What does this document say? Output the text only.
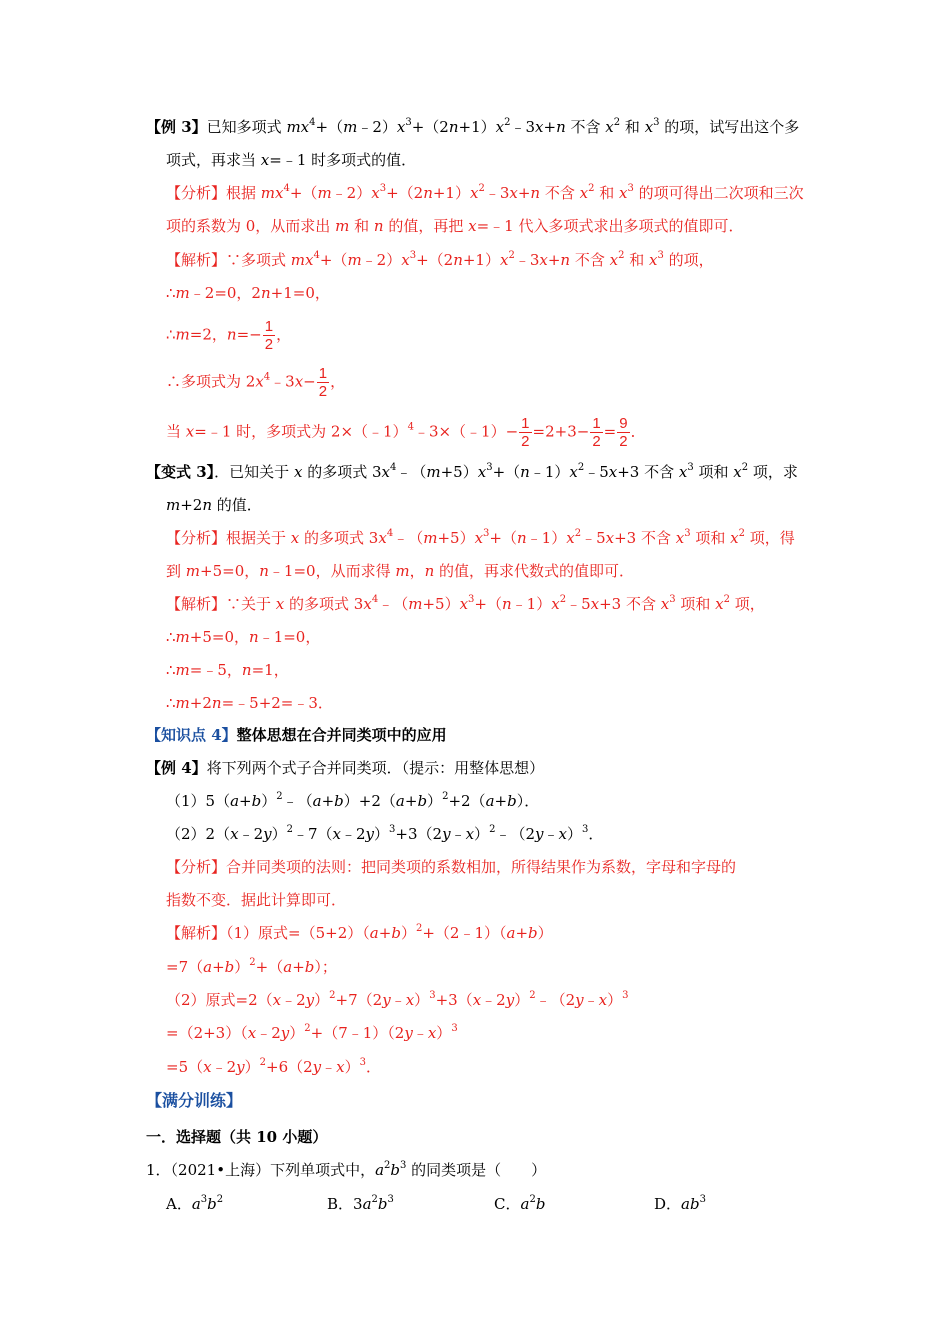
【例 3】已知多项式 $mx^4+(m﹣2)x^3+(2n+1)x^2﹣3x+n$ 不含 $x^2$ 和 $x^3$ 的项，试写出这个多
项式，再求当 x=﹣1 时多项式的值．
【分析】根据 $mx^4+(m﹣2)x^3+(2n+1)x^2﹣3x+n$ 不含 $x^2$ 和 $x^3$ 的项可得出二次项和三次
项的系数为 0，从而求出 m 和 n 的值，再把 x=﹣1 代入多项式求出多项式的值即可．
【解析】∵多项式 $mx^4+(m﹣2)x^3+(2n+1)x^2﹣3x+n$ 不含 $x^2$ 和 $x^3$ 的项，
∴m﹣2=0，2n+1=0，
∴m=2，$n=- \frac{1}{2}$ ，
∴多项式为 $2x^4﹣3x- \frac{1}{2}$ ，
当 x=﹣1 时，多项式为 2×（﹣1）$^4$﹣3×（﹣1）− $\frac{1}{2} =2+3- \frac{1}{2} = \frac{9}{2}$ ．
【变式 3】．已知关于 x 的多项式 $3x^4﹣(m+5)x^3+(n﹣1)x^2﹣5x+3$ 不含 $x^3$ 项和 $x^2$ 项，求
m+2n 的值．
【分析】根据关于 x 的多项式 $3x^4﹣(m+5)x^3+(n﹣1)x^2﹣5x+3$ 不含 $x^3$ 项和 $x^2$ 项，得
到 m+5=0，n﹣1=0，从而求得 m，n 的值，再求代数式的值即可．
【解析】∵关于 x 的多项式 $3x^4﹣(m+5)x^3+(n﹣1)x^2﹣5x+3$ 不含 $x^3$ 项和 $x^2$ 项，
∴m+5=0，n﹣1=0，
∴m=﹣5，n=1，
∴m+2n=﹣5+2=﹣3．
【知识点 4】整体思想在合并同类项中的应用
【例 4】将下列两个式子合并同类项．（提示：用整体思想）
$(1)5(a+b)^2﹣(a+b)+2(a+b)^2+2(a+b)$．
（2）2（x﹣2y）$^2$﹣7（x﹣2y）$^3$+3（2y﹣x）$^2$﹣（2y﹣x）$^3$．
【分析】合并同类项的法则：把同类项的系数相加，所得结果作为系数，字母和字母的
指数不变．据此计算即可．
【解析】（1）原式$=(5+2)(a+b)^2+(2﹣1)(a+b)$
$=7(a+b)^2+(a+b)$；
（2）原式=2（x﹣2y）$^2$+7（2y﹣x）$^3$+3（x﹣2y）$^2$﹣（2y﹣x）$^3$
=（2+3）（x﹣2y）$^2$+（7﹣1）（2y﹣x）$^3$
=5（x﹣2y）$^2$+6（2y﹣x）$^3$．
【满分训练】
一．选择题（共 10 小题）
1．（2021•上海）下列单项式中，$a^2b^3$ 的同类项是（　　）
A．$a^3b^2$	B．$3a^2b^3$	C．$a^2b$	D．$ab^3$
